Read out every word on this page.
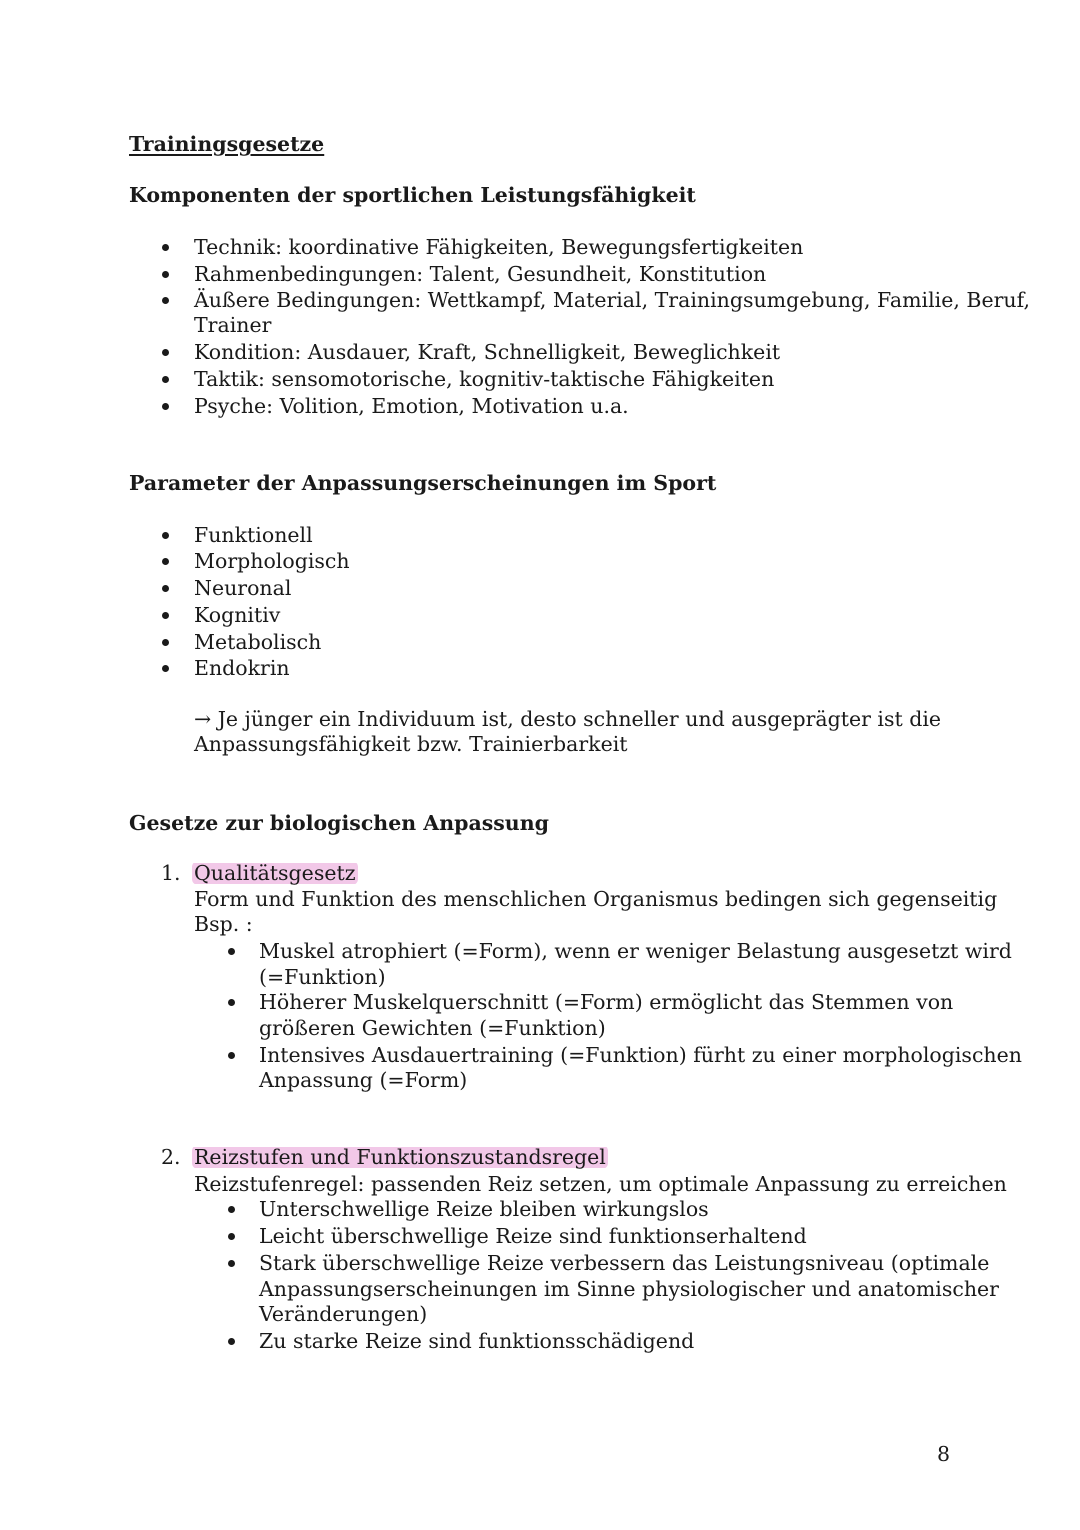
Trainingsgesetze
Komponenten der sportlichen Leistungsfähigkeit
Technik: koordinative Fähigkeiten, Bewegungsfertigkeiten
Rahmenbedingungen: Talent, Gesundheit, Konstitution
Äußere Bedingungen: Wettkampf, Material, Trainingsumgebung, Familie, Beruf,
Trainer
Kondition: Ausdauer, Kraft, Schnelligkeit, Beweglichkeit
Taktik: sensomotorische, kognitiv-taktische Fähigkeiten
Psyche: Volition, Emotion, Motivation u.a.
Parameter der Anpassungserscheinungen im Sport
Funktionell
Morphologisch
Neuronal
Kognitiv
Metabolisch
Endokrin
→ Je jünger ein Individuum ist, desto schneller und ausgeprägter ist die
Anpassungsfähigkeit bzw. Trainierbarkeit
Gesetze zur biologischen Anpassung
1. Qualitätsgesetz
Form und Funktion des menschlichen Organismus bedingen sich gegenseitig
Bsp. :
Muskel atrophiert (=Form), wenn er weniger Belastung ausgesetzt wird
(=Funktion)
Höherer Muskelquerschnitt (=Form) ermöglicht das Stemmen von
größeren Gewichten (=Funktion)
Intensives Ausdauertraining (=Funktion) fürht zu einer morphologischen
Anpassung (=Form)
2. Reizstufen und Funktionszustandsregel
Reizstufenregel: passenden Reiz setzen, um optimale Anpassung zu erreichen
Unterschwellige Reize bleiben wirkungslos
Leicht überschwellige Reize sind funktionserhaltend
Stark überschwellige Reize verbessern das Leistungsniveau (optimale
Anpassungserscheinungen im Sinne physiologischer und anatomischer
Veränderungen)
Zu starke Reize sind funktionsschädigend
8
